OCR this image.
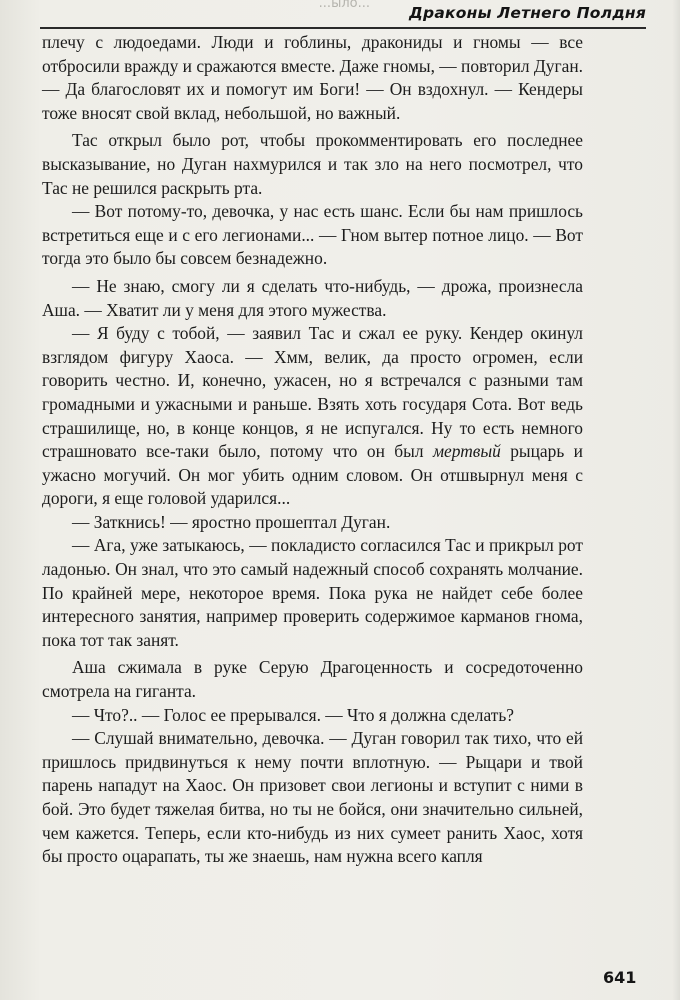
...ыло...
Драконы Летнего Полдня

плечу с людоедами. Люди и гоблины, дракониды и гномы — все отбросили вражду и сражаются вместе. Даже гномы, — повторил Дуган. — Да благословят их и помогут им Боги! — Он вздохнул. — Кендеры тоже вносят свой вклад, небольшой, но важный.

Тас открыл было рот, чтобы прокомментировать его последнее высказывание, но Дуган нахмурился и так зло на него посмотрел, что Тас не решился раскрыть рта.

— Вот потому-то, девочка, у нас есть шанс. Если бы нам пришлось встретиться еще и с его легионами... — Гном вытер потное лицо. — Вот тогда это было бы совсем безнадежно.

— Не знаю, смогу ли я сделать что-нибудь, — дрожа, произнесла Аша. — Хватит ли у меня для этого мужества.

— Я буду с тобой, — заявил Тас и сжал ее руку. Кендер окинул взглядом фигуру Хаоса. — Хмм, велик, да просто огромен, если говорить честно. И, конечно, ужасен, но я встречался с разными там громадными и ужасными и раньше. Взять хоть государя Сота. Вот ведь страшилище, но, в конце концов, я не испугался. Ну то есть немного страшновато все-таки было, потому что он был мертвый рыцарь и ужасно могучий. Он мог убить одним словом. Он отшвырнул меня с дороги, я еще головой ударился...

— Заткнись! — яростно прошептал Дуган.

— Ага, уже затыкаюсь, — покладисто согласился Тас и прикрыл рот ладонью. Он знал, что это самый надежный способ сохранять молчание. По крайней мере, некоторое время. Пока рука не найдет себе более интересного занятия, например проверить содержимое карманов гнома, пока тот так занят.

Аша сжимала в руке Серую Драгоценность и сосредоточенно смотрела на гиганта.

— Что?.. — Голос ее прерывался. — Что я должна сделать?

— Слушай внимательно, девочка. — Дуган говорил так тихо, что ей пришлось придвинуться к нему почти вплотную. — Рыцари и твой парень нападут на Хаос. Он призовет свои легионы и вступит с ними в бой. Это будет тяжелая битва, но ты не бойся, они значительно сильней, чем кажется. Теперь, если кто-нибудь из них сумеет ранить Хаос, хотя бы просто оцарапать, ты же знаешь, нам нужна всего капля

641
